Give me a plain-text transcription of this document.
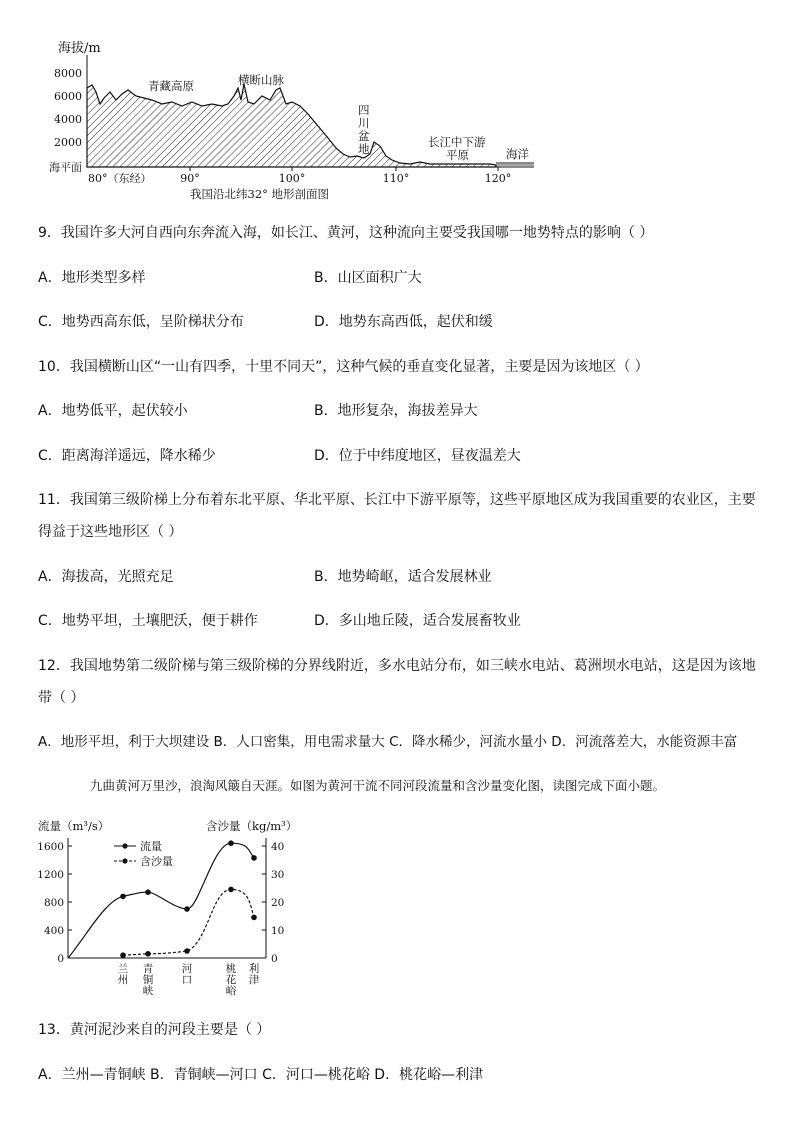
海拔/m
8000
6000
4000
2000
海平面
80°（东经）	90°	100°	110°	120°
青藏高原	横断山脉
四
川
盆
地	长江中下游
平原	海洋
我国沿北纬32° 地形剖面图
9．我国许多大河自西向东奔流入海，如长江、黄河，这种流向主要受我国哪一地势特点的影响（ ）
A．地形类型多样	B．山区面积广大
C．地势西高东低，呈阶梯状分布	D．地势东高西低，起伏和缓
10．我国横断山区“一山有四季，十里不同天”，这种气候的垂直变化显著，主要是因为该地区（ ）
A．地势低平，起伏较小	B．地形复杂，海拔差异大
C．距离海洋遥远，降水稀少	D．位于中纬度地区，昼夜温差大
11．我国第三级阶梯上分布着东北平原、华北平原、长江中下游平原等，这些平原地区成为我国重要的农业区，主要得益于这些地形区（ ）
A．海拔高，光照充足	B．地势崎岖，适合发展林业
C．地势平坦，土壤肥沃，便于耕作	D．多山地丘陵，适合发展畜牧业
12．我国地势第二级阶梯与第三级阶梯的分界线附近，多水电站分布，如三峡水电站、葛洲坝水电站，这是因为该地带（ ）
A．地形平坦，利于大坝建设 B．人口密集，用电需求量大 C．降水稀少，河流水量小 D．河流落差大，水能资源丰富
九曲黄河万里沙，浪淘风簸自天涯。如图为黄河干流不同河段流量和含沙量变化图，读图完成下面小题。
流量（m³/s）	含沙量（kg/m³）
1600
1200
800
400
0
40
30
20
10
0
流量
含沙量
兰
州
青
铜
峡
河
口
桃
花
峪
利
津
13．黄河泥沙来自的河段主要是（ ）
A．兰州—青铜峡 B．青铜峡—河口 C．河口—桃花峪 D．桃花峪—利津
